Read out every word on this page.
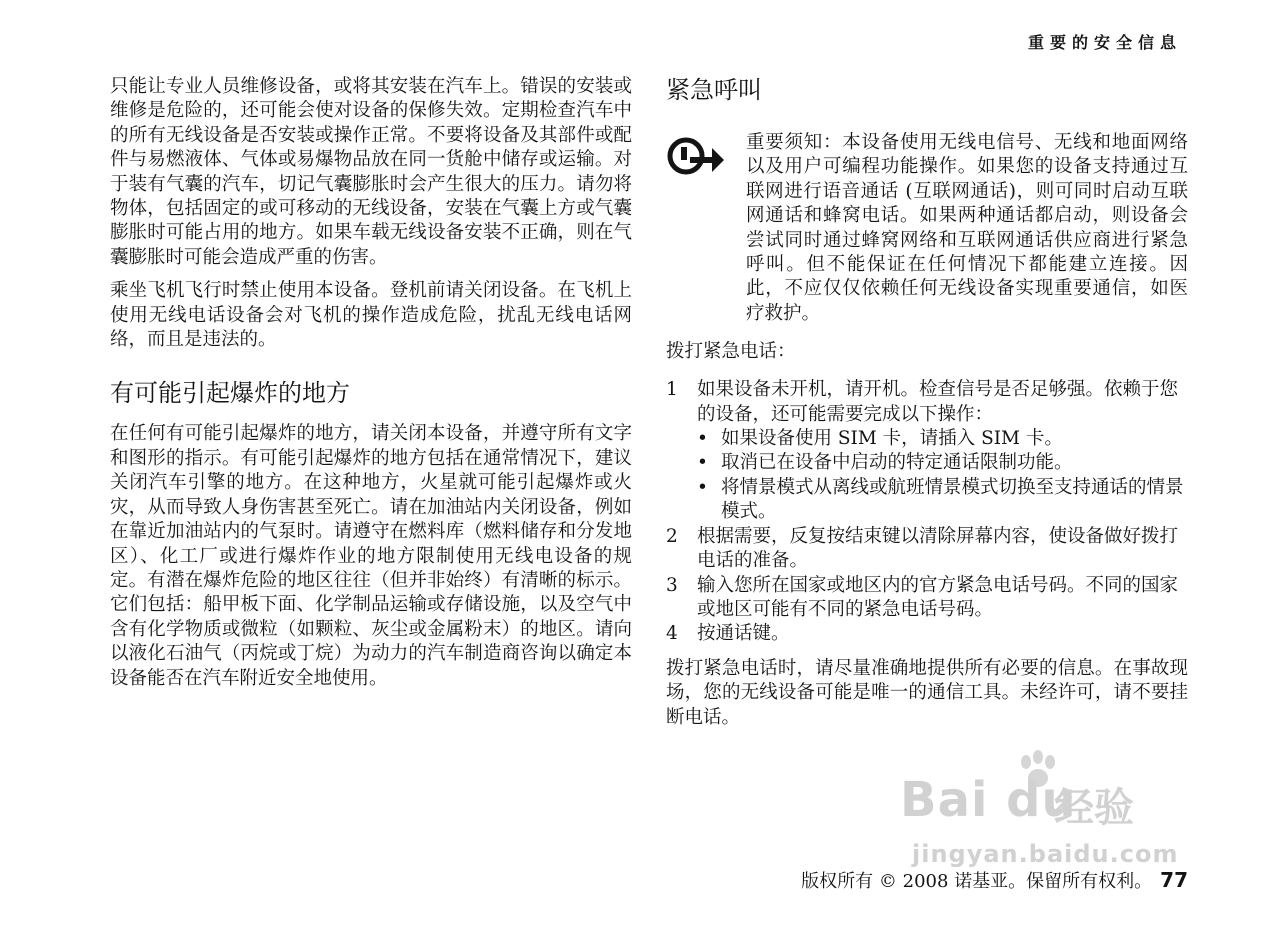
重要的安全信息

只能让专业人员维修设备，或将其安装在汽车上。错误的安装或维修是危险的，还可能会使对设备的保修失效。定期检查汽车中的所有无线设备是否安装或操作正常。不要将设备及其部件或配件与易燃液体、气体或易爆物品放在同一货舱中储存或运输。对于装有气囊的汽车，切记气囊膨胀时会产生很大的压力。请勿将物体，包括固定的或可移动的无线设备，安装在气囊上方或气囊膨胀时可能占用的地方。如果车载无线设备安装不正确，则在气囊膨胀时可能会造成严重的伤害。

乘坐飞机飞行时禁止使用本设备。登机前请关闭设备。在飞机上使用无线电话设备会对飞机的操作造成危险，扰乱无线电话网络，而且是违法的。

有可能引起爆炸的地方

在任何有可能引起爆炸的地方，请关闭本设备，并遵守所有文字和图形的指示。有可能引起爆炸的地方包括在通常情况下，建议关闭汽车引擎的地方。在这种地方，火星就可能引起爆炸或火灾，从而导致人身伤害甚至死亡。请在加油站内关闭设备，例如在靠近加油站内的气泵时。请遵守在燃料库（燃料储存和分发地区）、化工厂或进行爆炸作业的地方限制使用无线电设备的规定。有潜在爆炸危险的地区往往（但并非始终）有清晰的标示。它们包括：船甲板下面、化学制品运输或存储设施，以及空气中含有化学物质或微粒（如颗粒、灰尘或金属粉末）的地区。请向以液化石油气（丙烷或丁烷）为动力的汽车制造商咨询以确定本设备能否在汽车附近安全地使用。

紧急呼叫

重要须知：本设备使用无线电信号、无线和地面网络以及用户可编程功能操作。如果您的设备支持通过互联网进行语音通话 (互联网通话)，则可同时启动互联网通话和蜂窝电话。如果两种通话都启动，则设备会尝试同时通过蜂窝网络和互联网通话供应商进行紧急呼叫。但不能保证在任何情况下都能建立连接。因此，不应仅仅依赖任何无线设备实现重要通信，如医疗救护。

拨打紧急电话：
1	如果设备未开机，请开机。检查信号是否足够强。依赖于您的设备，还可能需要完成以下操作：
• 如果设备使用 SIM 卡，请插入 SIM 卡。
• 取消已在设备中启动的特定通话限制功能。
• 将情景模式从离线或航班情景模式切换至支持通话的情景模式。
2	根据需要，反复按结束键以清除屏幕内容，使设备做好拨打电话的准备。
3	输入您所在国家或地区内的官方紧急电话号码。不同的国家或地区可能有不同的紧急电话号码。
4	按通话键。

拨打紧急电话时，请尽量准确地提供所有必要的信息。在事故现场，您的无线设备可能是唯一的通信工具。未经许可，请不要挂断电话。

Bai du
经验
jingyan.baidu.com
版权所有 © 2008 诺基亚。保留所有权利。 77
